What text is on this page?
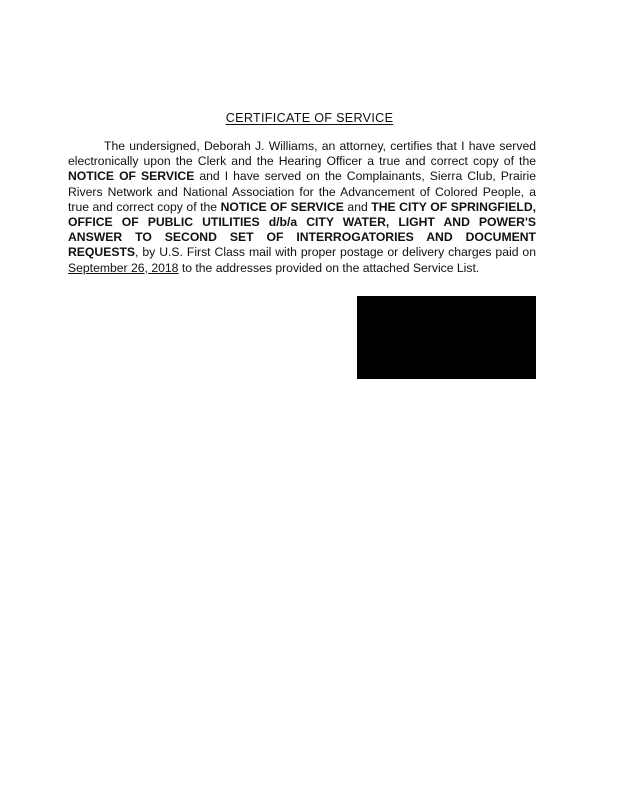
CERTIFICATE OF SERVICE

The undersigned, Deborah J. Williams, an attorney, certifies that I have served electronically upon the Clerk and the Hearing Officer a true and correct copy of the NOTICE OF SERVICE and I have served on the Complainants, Sierra Club, Prairie Rivers Network and National Association for the Advancement of Colored People, a true and correct copy of the NOTICE OF SERVICE and THE CITY OF SPRINGFIELD, OFFICE OF PUBLIC UTILITIES d/b/a CITY WATER, LIGHT AND POWER'S ANSWER TO SECOND SET OF INTERROGATORIES AND DOCUMENT REQUESTS, by U.S. First Class mail with proper postage or delivery charges paid on September 26, 2018 to the addresses provided on the attached Service List.
